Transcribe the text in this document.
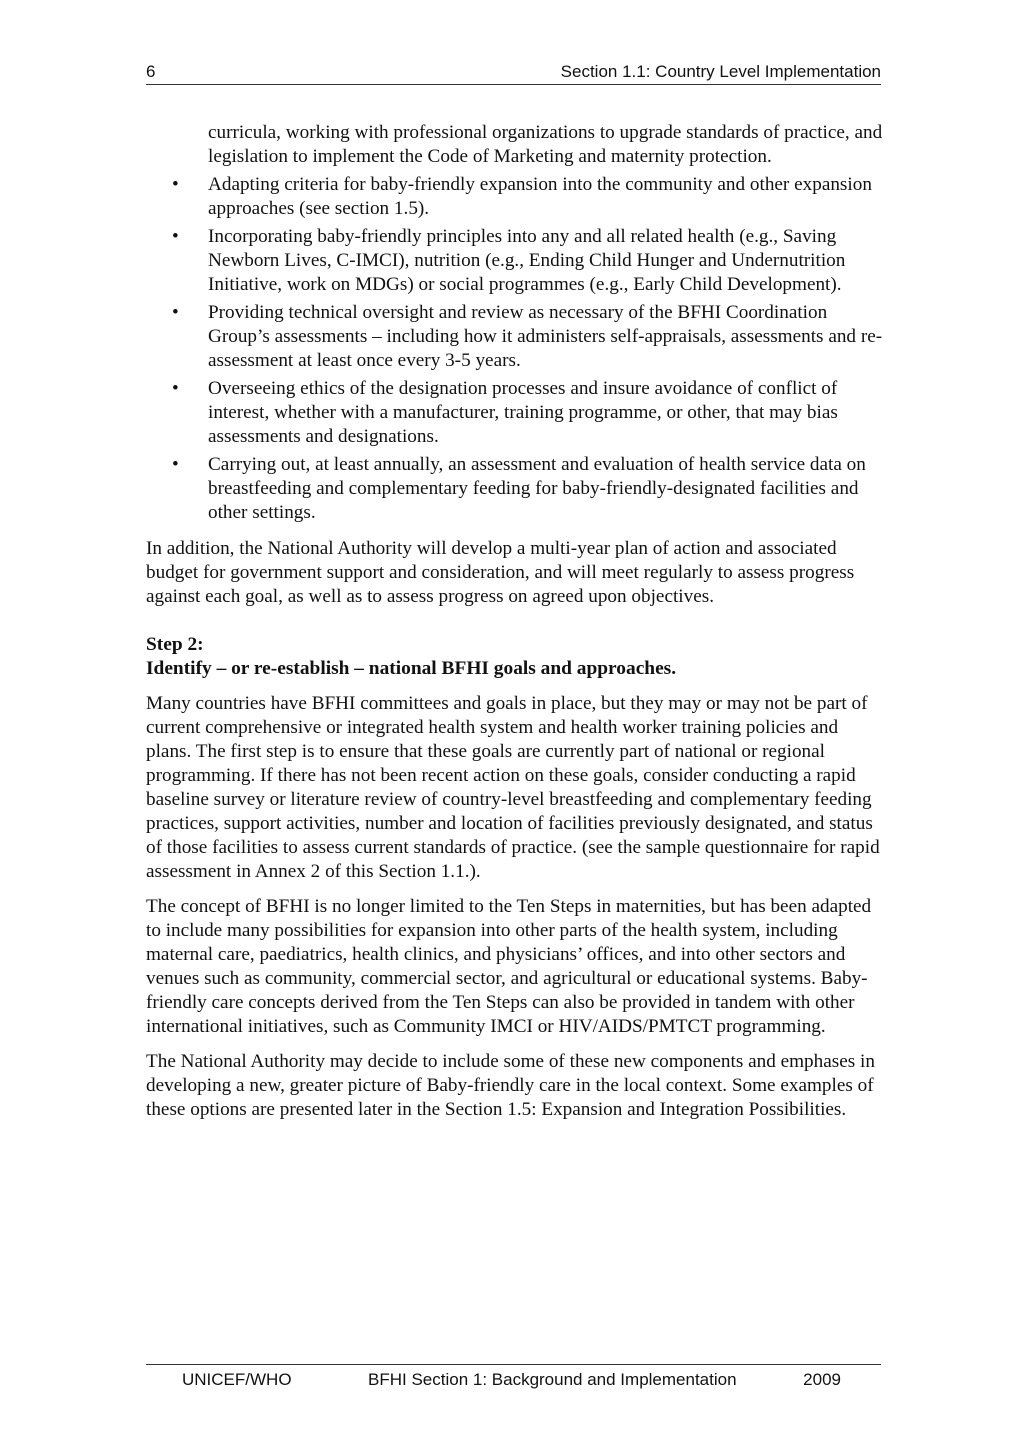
6	Section 1.1: Country Level Implementation

curricula, working with professional organizations to upgrade standards of practice, and legislation to implement the Code of Marketing and maternity protection.

• Adapting criteria for baby-friendly expansion into the community and other expansion approaches (see section 1.5).
• Incorporating baby-friendly principles into any and all related health (e.g., Saving Newborn Lives, C-IMCI), nutrition (e.g., Ending Child Hunger and Undernutrition Initiative, work on MDGs) or social programmes (e.g., Early Child Development).
• Providing technical oversight and review as necessary of the BFHI Coordination Group’s assessments – including how it administers self-appraisals, assessments and re-assessment at least once every 3-5 years.
• Overseeing ethics of the designation processes and insure avoidance of conflict of interest, whether with a manufacturer, training programme, or other, that may bias assessments and designations.
• Carrying out, at least annually, an assessment and evaluation of health service data on breastfeeding and complementary feeding for baby-friendly-designated facilities and other settings.

In addition, the National Authority will develop a multi-year plan of action and associated budget for government support and consideration, and will meet regularly to assess progress against each goal, as well as to assess progress on agreed upon objectives.

Step 2:
Identify – or re-establish – national BFHI goals and approaches.

Many countries have BFHI committees and goals in place, but they may or may not be part of current comprehensive or integrated health system and health worker training policies and plans. The first step is to ensure that these goals are currently part of national or regional programming. If there has not been recent action on these goals, consider conducting a rapid baseline survey or literature review of country-level breastfeeding and complementary feeding practices, support activities, number and location of facilities previously designated, and status of those facilities to assess current standards of practice. (see the sample questionnaire for rapid assessment in Annex 2 of this Section 1.1.).

The concept of BFHI is no longer limited to the Ten Steps in maternities, but has been adapted to include many possibilities for expansion into other parts of the health system, including maternal care, paediatrics, health clinics, and physicians’ offices, and into other sectors and venues such as community, commercial sector, and agricultural or educational systems. Baby-friendly care concepts derived from the Ten Steps can also be provided in tandem with other international initiatives, such as Community IMCI or HIV/AIDS/PMTCT programming.

The National Authority may decide to include some of these new components and emphases in developing a new, greater picture of Baby-friendly care in the local context. Some examples of these options are presented later in the Section 1.5: Expansion and Integration Possibilities.

UNICEF/WHO	BFHI Section 1: Background and Implementation	2009
